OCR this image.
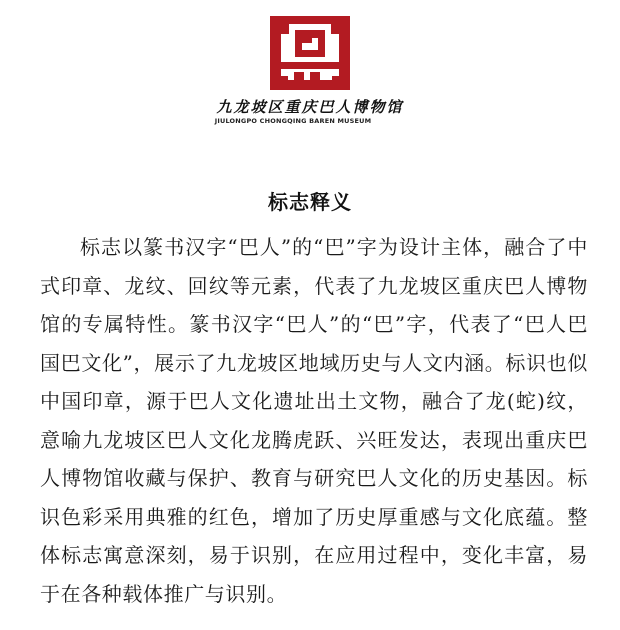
九龙坡区重庆巴人博物馆
JIULONGPO CHONGQING BAREN MUSEUM
标志释义

标志以篆书汉字“巴人”的“巴”字为设计主体，融合了中式印章、龙纹、回纹等元素，代表了九龙坡区重庆巴人博物馆的专属特性。篆书汉字“巴人”的“巴”字，代表了“巴人巴国巴文化”，展示了九龙坡区地域历史与人文内涵。标识也似中国印章，源于巴人文化遗址出土文物，融合了龙(蛇)纹，意喻九龙坡区巴人文化龙腾虎跃、兴旺发达，表现出重庆巴人博物馆收藏与保护、教育与研究巴人文化的历史基因。标识色彩采用典雅的红色，增加了历史厚重感与文化底蕴。整体标志寓意深刻，易于识别，在应用过程中，变化丰富，易于在各种载体推广与识别。
